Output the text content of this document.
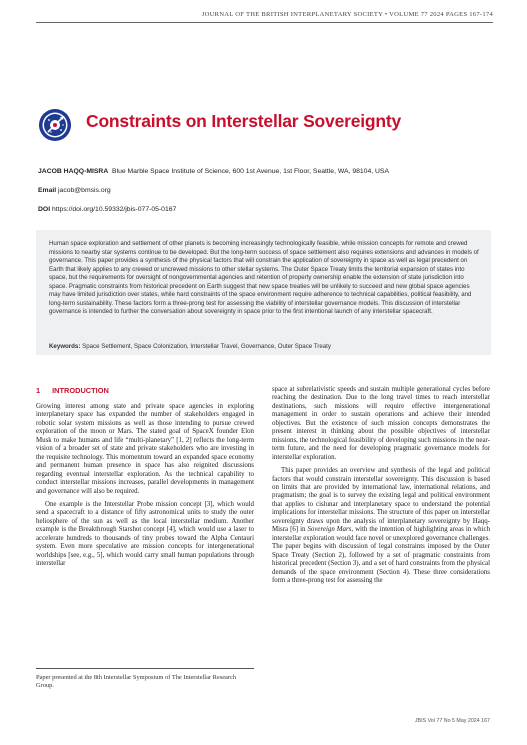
JOURNAL OF THE BRITISH INTERPLANETARY SOCIETY • VOLUME 77 2024 PAGES 167-174
Constraints on Interstellar Sovereignty
JACOB HAQQ-MISRA Blue Marble Space Institute of Science, 600 1st Avenue, 1st Floor, Seattle, WA, 98104, USA
Email jacob@bmsis.org
DOI https://doi.org/10.59332/jbis-077-05-0167
Human space exploration and settlement of other planets is becoming increasingly technologically feasible, while mission concepts for remote and crewed missions to nearby star systems continue to be developed. But the long-term success of space settlement also requires extensions and advances in models of governance. This paper provides a synthesis of the physical factors that will constrain the application of sovereignty in space as well as legal precedent on Earth that likely applies to any crewed or uncrewed missions to other stellar systems. The Outer Space Treaty limits the territorial expansion of states into space, but the requirements for oversight of nongovernmental agencies and retention of property ownership enable the extension of state jurisdiction into space. Pragmatic constraints from historical precedent on Earth suggest that new space treaties will be unlikely to succeed and new global space agencies may have limited jurisdiction over states, while hard constraints of the space environment require adherence to technical capabilities, political feasibility, and long-term sustainability. These factors form a three-prong test for assessing the viability of interstellar governance models. This discussion of interstellar governance is intended to further the conversation about sovereignty in space prior to the first intentional launch of any interstellar spacecraft.
Keywords: Space Settlement, Space Colonization, Interstellar Travel, Governance, Outer Space Treaty
1 INTRODUCTION

Growing interest among state and private space agencies in exploring interplanetary space has expanded the number of stakeholders engaged in robotic solar system missions as well as those intending to pursue crewed exploration of the moon or Mars. The stated goal of SpaceX founder Elon Musk to make humans and life “multi-planetary” [1, 2] reflects the long-term vision of a broader set of state and private stakeholders who are investing in the requisite technology. This momentum toward an expanded space economy and permanent human presence in space has also reignited discussions regarding eventual interstellar exploration. As the technical capability to conduct interstellar missions increases, parallel developments in management and governance will also be required.

One example is the Interstellar Probe mission concept [3], which would send a spacecraft to a distance of fifty astronomical units to study the outer heliosphere of the sun as well as the local interstellar medium. Another example is the Breakthrough Starshot concept [4], which would use a laser to accelerate hundreds to thousands of tiny probes toward the Alpha Centauri system. Even more speculative are mission concepts for intergenerational worldships [see, e.g., 5], which would carry small human populations through interstellar

Paper presented at the 8th Interstellar Symposium of The Interstellar Research Group.

space at subrelativistic speeds and sustain multiple generational cycles before reaching the destination. Due to the long travel times to reach interstellar destinations, such missions will require effective intergenerational management in order to sustain operations and achieve their intended objectives. But the existence of such mission concepts demonstrates the present interest in thinking about the possible objectives of interstellar missions, the technological feasibility of developing such missions in the near-term future, and the need for developing pragmatic governance models for interstellar exploration.

This paper provides an overview and synthesis of the legal and political factors that would constrain interstellar sovereignty. This discussion is based on limits that are provided by international law, international relations, and pragmatism; the goal is to survey the existing legal and political environment that applies to cislunar and interplanetary space to understand the potential implications for interstellar missions. The structure of this paper on interstellar sovereignty draws upon the analysis of interplanetary sovereignty by Haqq-Misra [6] in Sovereign Mars, with the intention of highlighting areas in which interstellar exploration would face novel or unexplored governance challenges. The paper begins with discussion of legal constraints imposed by the Outer Space Treaty (Section 2), followed by a set of pragmatic constraints from historical precedent (Section 3), and a set of hard constraints from the physical demands of the space environment (Section 4). These three considerations form a three-prong test for assessing the

JBIS Vol 77 No 5 May 2024 167
